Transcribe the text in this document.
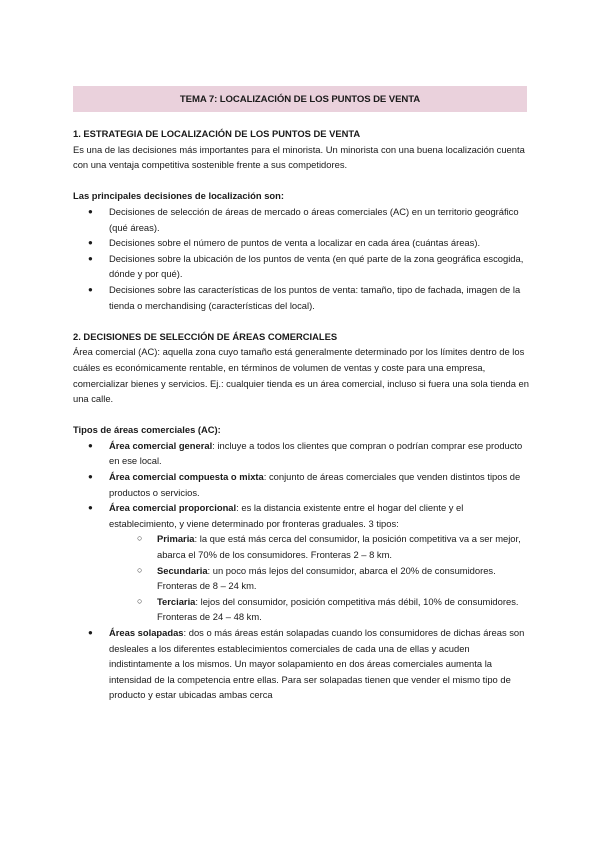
TEMA 7: LOCALIZACIÓN DE LOS PUNTOS DE VENTA

1. ESTRATEGIA DE LOCALIZACIÓN DE LOS PUNTOS DE VENTA

Es una de las decisiones más importantes para el minorista. Un minorista con una buena localización cuenta con una ventaja competitiva sostenible frente a sus competidores.

Las principales decisiones de localización son:

● Decisiones de selección de áreas de mercado o áreas comerciales (AC) en un territorio geográfico (qué áreas).
● Decisiones sobre el número de puntos de venta a localizar en cada área (cuántas áreas).
● Decisiones sobre la ubicación de los puntos de venta (en qué parte de la zona geográfica escogida, dónde y por qué).
● Decisiones sobre las características de los puntos de venta: tamaño, tipo de fachada, imagen de la tienda o merchandising (características del local).

2. DECISIONES DE SELECCIÓN DE ÁREAS COMERCIALES

Área comercial (AC): aquella zona cuyo tamaño está generalmente determinado por los límites dentro de los cuáles es económicamente rentable, en términos de volumen de ventas y coste para una empresa, comercializar bienes y servicios. Ej.: cualquier tienda es un área comercial, incluso si fuera una sola tienda en una calle.

Tipos de áreas comerciales (AC):

● Área comercial general: incluye a todos los clientes que compran o podrían comprar ese producto en ese local.
● Área comercial compuesta o mixta: conjunto de áreas comerciales que venden distintos tipos de productos o servicios.
● Área comercial proporcional: es la distancia existente entre el hogar del cliente y el establecimiento, y viene determinado por fronteras graduales. 3 tipos:
○ Primaria: la que está más cerca del consumidor, la posición competitiva va a ser mejor, abarca el 70% de los consumidores. Fronteras 2 – 8 km.
○ Secundaria: un poco más lejos del consumidor, abarca el 20% de consumidores. Fronteras de 8 – 24 km.
○ Terciaria: lejos del consumidor, posición competitiva más débil, 10% de consumidores. Fronteras de 24 – 48 km.
● Áreas solapadas: dos o más áreas están solapadas cuando los consumidores de dichas áreas son desleales a los diferentes establecimientos comerciales de cada una de ellas y acuden indistintamente a los mismos. Un mayor solapamiento en dos áreas comerciales aumenta la intensidad de la competencia entre ellas. Para ser solapadas tienen que vender el mismo tipo de producto y estar ubicadas ambas cerca
